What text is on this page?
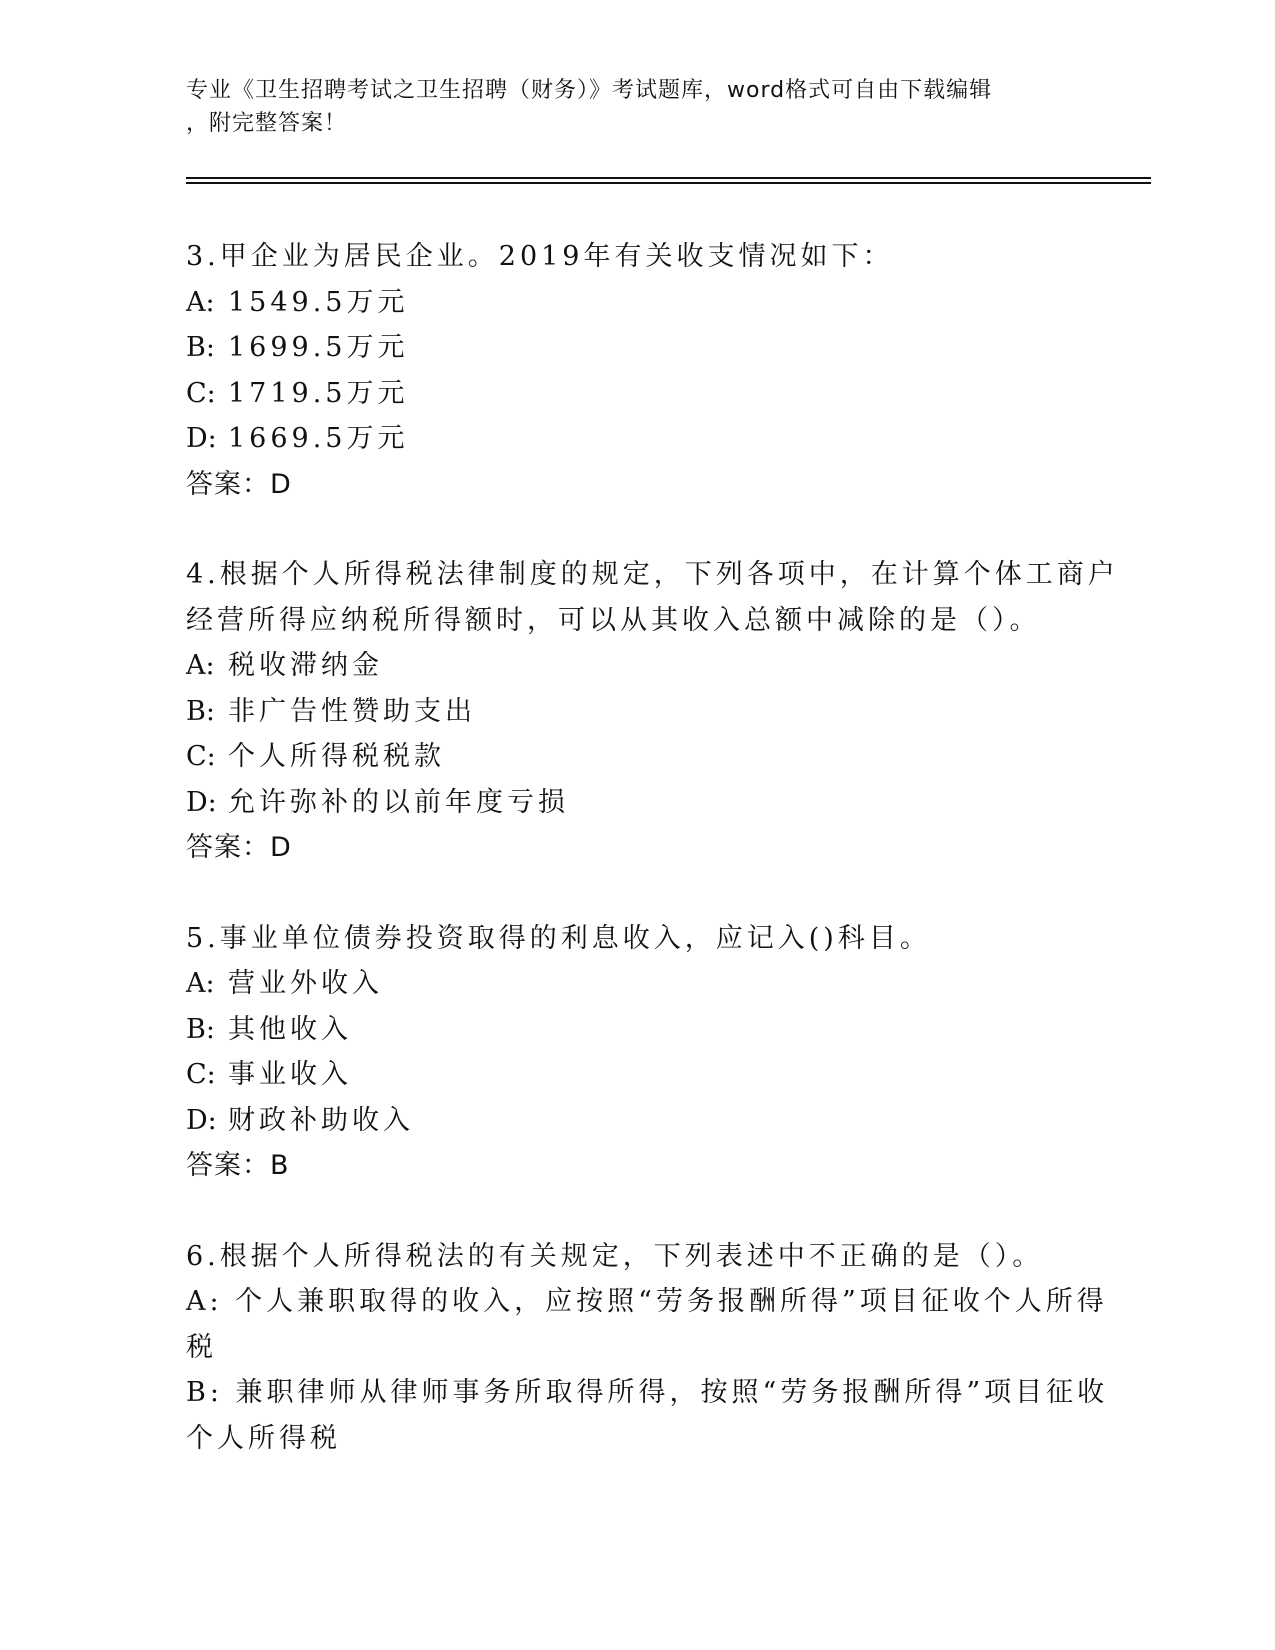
专业《卫生招聘考试之卫生招聘（财务）》考试题库，word格式可自由下载编辑
，附完整答案！
3.甲企业为居民企业。2019年有关收支情况如下：
A: 1549.5万元
B: 1699.5万元
C: 1719.5万元
D: 1669.5万元
答案：D
4.根据个人所得税法律制度的规定，下列各项中，在计算个体工商户
经营所得应纳税所得额时，可以从其收入总额中减除的是（）。
A: 税收滞纳金
B: 非广告性赞助支出
C: 个人所得税税款
D: 允许弥补的以前年度亏损
答案：D
5.事业单位债券投资取得的利息收入，应记入()科目。
A: 营业外收入
B: 其他收入
C: 事业收入
D: 财政补助收入
答案：B
6.根据个人所得税法的有关规定，下列表述中不正确的是（）。
A: 个人兼职取得的收入，应按照“劳务报酬所得”项目征收个人所得
税
B: 兼职律师从律师事务所取得所得，按照“劳务报酬所得”项目征收
个人所得税
